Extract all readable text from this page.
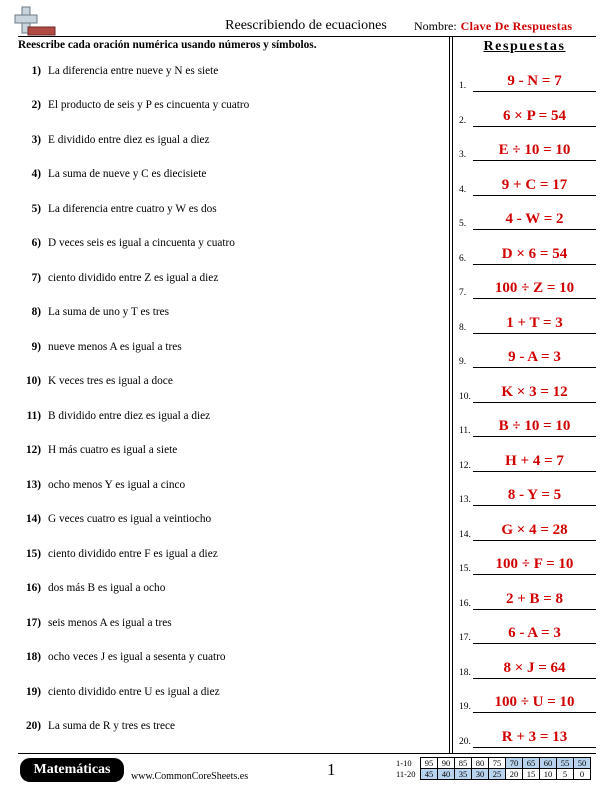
Reescribiendo de ecuaciones	Nombre: Clave De Respuestas
Reescribe cada oración numérica usando números y símbolos.	Respuestas
1) La diferencia entre nueve y N es siete
2) El producto de seis y P es cincuenta y cuatro
3) E dividido entre diez es igual a diez
4) La suma de nueve y C es diecisiete
5) La diferencia entre cuatro y W es dos
6) D veces seis es igual a cincuenta y cuatro
7) ciento dividido entre Z es igual a diez
8) La suma de uno y T es tres
9) nueve menos A es igual a tres
10) K veces tres es igual a doce
11) B dividido entre diez es igual a diez
12) H más cuatro es igual a siete
13) ocho menos Y es igual a cinco
14) G veces cuatro es igual a veintiocho
15) ciento dividido entre F es igual a diez
16) dos más B es igual a ocho
17) seis menos A es igual a tres
18) ocho veces J es igual a sesenta y cuatro
19) ciento dividido entre U es igual a diez
20) La suma de R y tres es trece
1.	9 - N = 7
2.	6 × P = 54
3.	E ÷ 10 = 10
4.	9 + C = 17
5.	4 - W = 2
6.	D × 6 = 54
7.	100 ÷ Z = 10
8.	1 + T = 3
9.	9 - A = 3
10.	K × 3 = 12
11.	B ÷ 10 = 10
12.	H + 4 = 7
13.	8 - Y = 5
14.	G × 4 = 28
15.	100 ÷ F = 10
16.	2 + B = 8
17.	6 - A = 3
18.	8 × J = 64
19.	100 ÷ U = 10
20.	R + 3 = 13
Matemáticas	www.CommonCoreSheets.es	1	1-10	95	90	85	80	75	70	65	60	55	50
11-20	45	40	35	30	25	20	15	10	5	0
